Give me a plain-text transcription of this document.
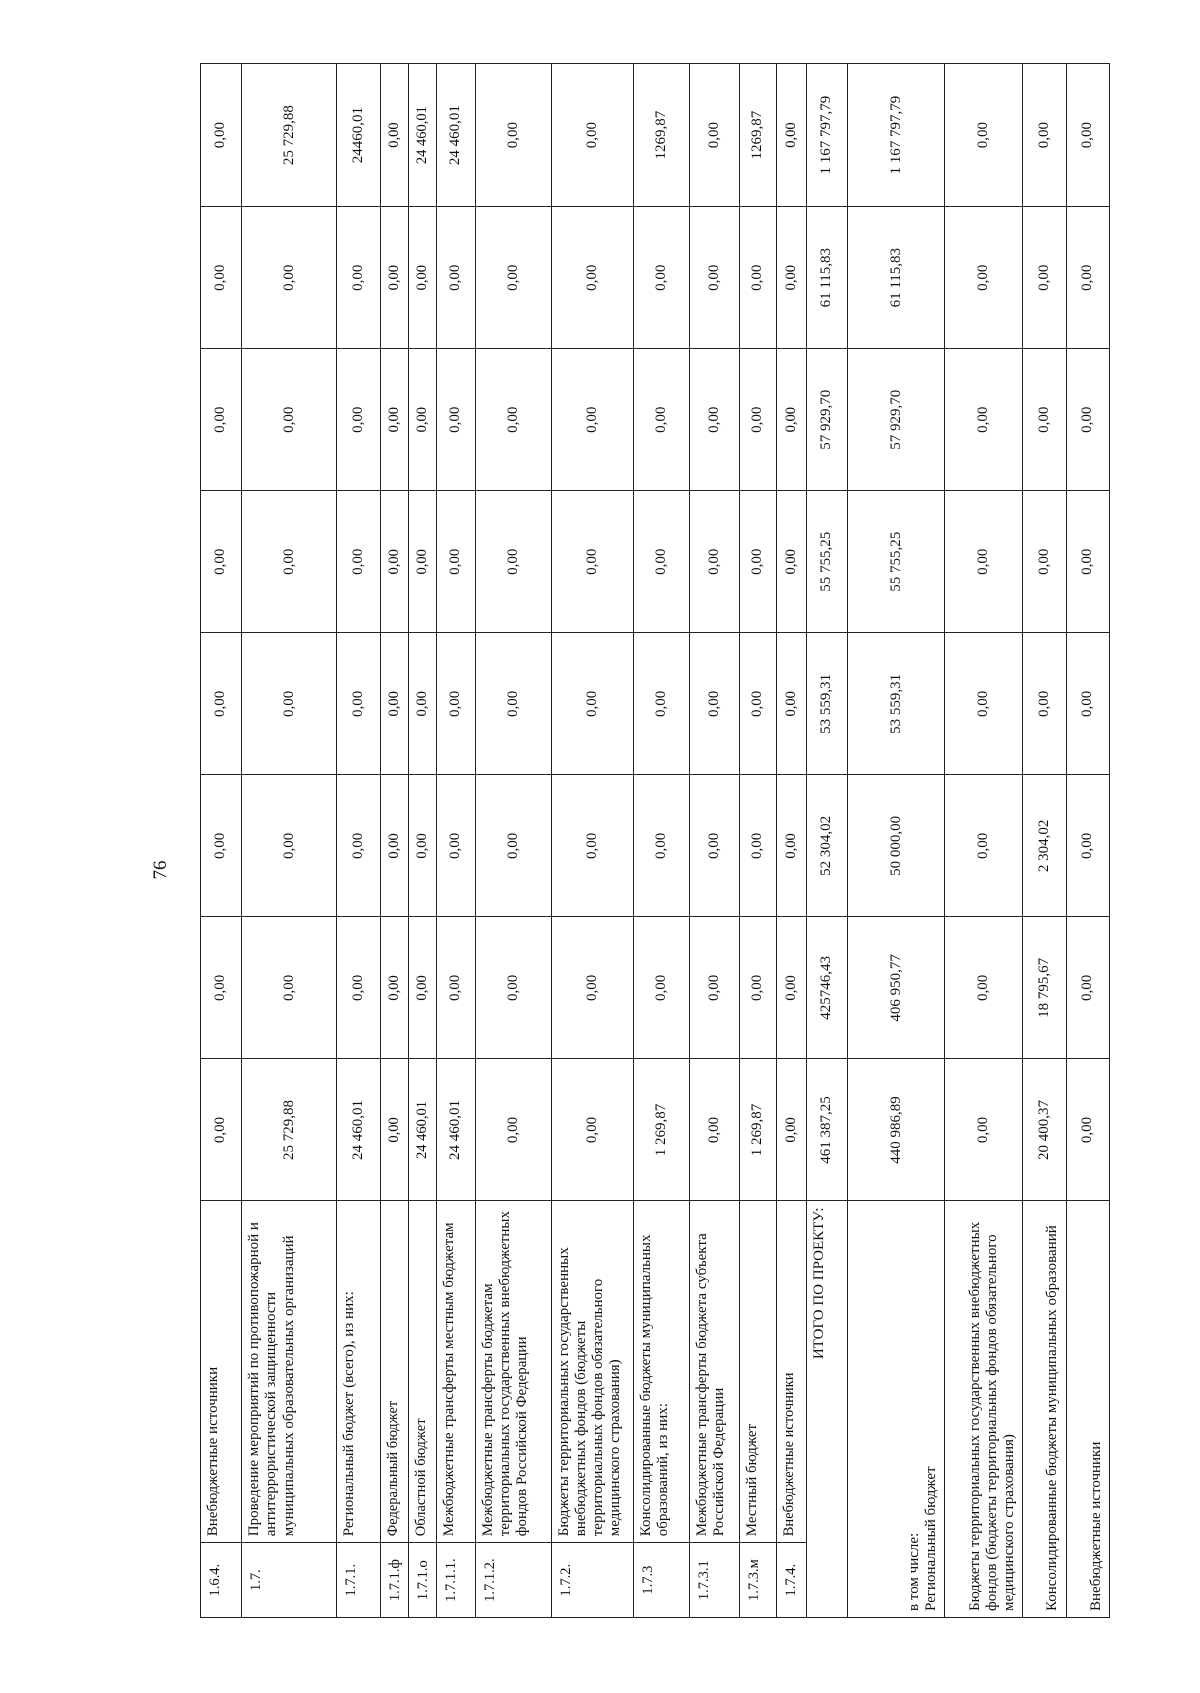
76
1.6.4.	Внебюджетные источники	0,00	0,00	0,00	0,00	0,00	0,00	0,00	0,00
1.7.	Проведение мероприятий по противопожарной и антитеррористической защищенности муниципальных образовательных организаций	25 729,88	0,00	0,00	0,00	0,00	0,00	0,00	25 729,88
1.7.1.	Региональный бюджет (всего), из них:	24 460,01	0,00	0,00	0,00	0,00	0,00	0,00	24460,01
1.7.1.ф	Федеральный бюджет	0,00	0,00	0,00	0,00	0,00	0,00	0,00	0,00
1.7.1.о	Областной бюджет	24 460,01	0,00	0,00	0,00	0,00	0,00	0,00	24 460,01
1.7.1.1.	Межбюджетные трансферты местным бюджетам	24 460,01	0,00	0,00	0,00	0,00	0,00	0,00	24 460,01
1.7.1.2.	Межбюджетные трансферты бюджетам территориальных государственных внебюджетных фондов Российской Федерации	0,00	0,00	0,00	0,00	0,00	0,00	0,00	0,00
1.7.2.	Бюджеты территориальных государственных внебюджетных фондов (бюджеты территориальных фондов обязательного медицинского страхования)	0,00	0,00	0,00	0,00	0,00	0,00	0,00	0,00
1.7.3	Консолидированные бюджеты муниципальных образований, из них:	1 269,87	0,00	0,00	0,00	0,00	0,00	0,00	1269,87
1.7.3.1	Межбюджетные трансферты бюджета субъекта Российской Федерации	0,00	0,00	0,00	0,00	0,00	0,00	0,00	0,00
1.7.3.м	Местный бюджет	1 269,87	0,00	0,00	0,00	0,00	0,00	0,00	1269,87
1.7.4.	Внебюджетные источники	0,00	0,00	0,00	0,00	0,00	0,00	0,00	0,00
ИТОГО ПО ПРОЕКТУ:		461 387,25	425746,43	52 304,02	53 559,31	55 755,25	57 929,70	61 115,83	1 167 797,79

в том числе: Региональный бюджет		440 986,89	406 950,77	50 000,00	53 559,31	55 755,25	57 929,70	61 115,83	1 167 797,79

Бюджеты территориальных государственных внебюджетных фондов (бюджеты территориальных фондов обязательного медицинского страхования)		0,00	0,00	0,00	0,00	0,00	0,00	0,00	0,00

Консолидированные бюджеты муниципальных образований		20 400,37	18 795,67	2 304,02	0,00	0,00	0,00	0,00	0,00

Внебюджетные источники		0,00	0,00	0,00	0,00	0,00	0,00	0,00	0,00
